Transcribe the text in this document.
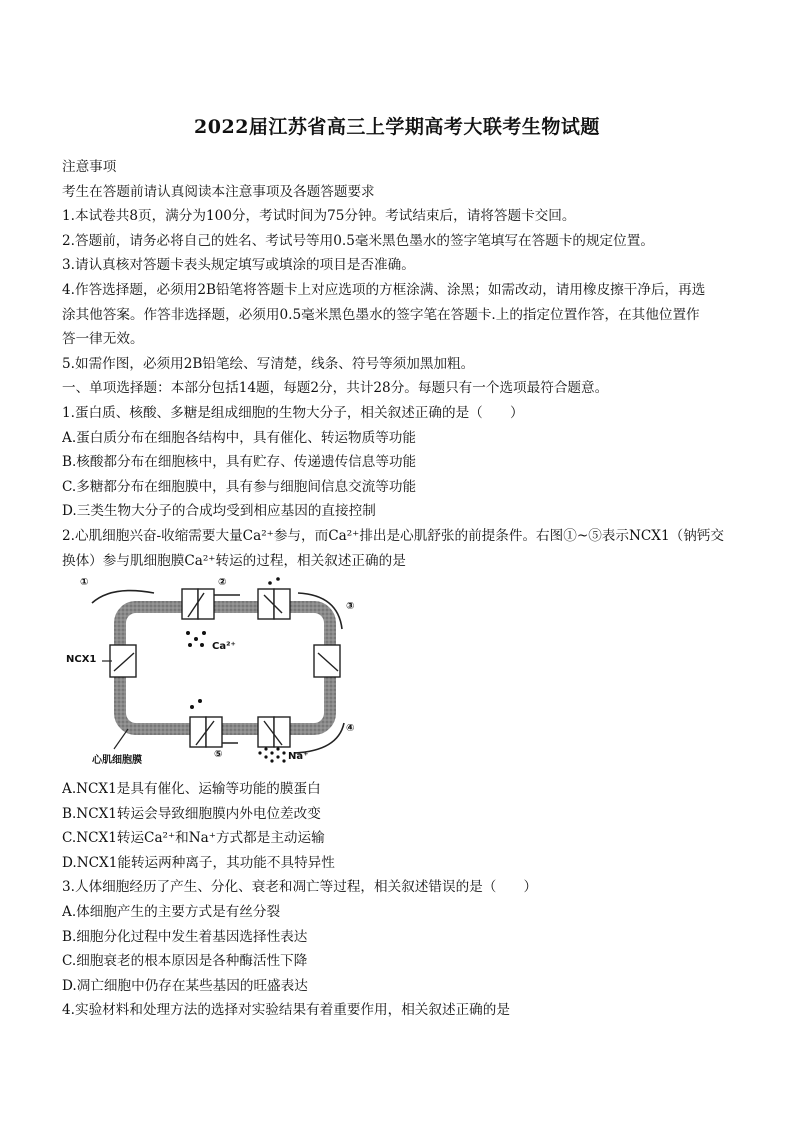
2022届江苏省高三上学期高考大联考生物试题

注意事项

考生在答题前请认真阅读本注意事项及各题答题要求

1.本试卷共8页，满分为100分，考试时间为75分钟。考试结束后，请将答题卡交回。

2.答题前，请务必将自己的姓名、考试号等用0.5毫米黑色墨水的签字笔填写在答题卡的规定位置。

3.请认真核对答题卡表头规定填写或填涂的项目是否准确。

4.作答选择题，必须用2B铅笔将答题卡上对应选项的方框涂满、涂黑；如需改动，请用橡皮擦干净后，再选

涂其他答案。作答非选择题，必须用0.5毫米黑色墨水的签字笔在答题卡.上的指定位置作答，在其他位置作

答一律无效。

5.如需作图，必须用2B铅笔绘、写清楚，线条、符号等须加黑加粗。

一、单项选择题：本部分包括14题，每题2分，共计28分。每题只有一个选项最符合题意。

1.蛋白质、核酸、多糖是组成细胞的生物大分子，相关叙述正确的是（　　）

A.蛋白质分布在细胞各结构中，具有催化、转运物质等功能

B.核酸都分布在细胞核中，具有贮存、传递遗传信息等功能

C.多糖都分布在细胞膜中，具有参与细胞间信息交流等功能

D.三类生物大分子的合成均受到相应基因的直接控制

2.心肌细胞兴奋-收缩需要大量Ca²⁺参与，而Ca²⁺排出是心肌舒张的前提条件。右图①~⑤表示NCX1（钠钙交

换体）参与肌细胞膜Ca²⁺转运的过程，相关叙述正确的是

①	②
③
④
⑤
NCX1
Ca²⁺
Na⁺
心肌细胞膜

A.NCX1是具有催化、运输等功能的膜蛋白

B.NCX1转运会导致细胞膜内外电位差改变

C.NCX1转运Ca²⁺和Na⁺方式都是主动运输

D.NCX1能转运两种离子，其功能不具特异性

3.人体细胞经历了产生、分化、衰老和凋亡等过程，相关叙述错误的是（　　）

A.体细胞产生的主要方式是有丝分裂

B.细胞分化过程中发生着基因选择性表达

C.细胞衰老的根本原因是各种酶活性下降

D.凋亡细胞中仍存在某些基因的旺盛表达

4.实验材料和处理方法的选择对实验结果有着重要作用，相关叙述正确的是
